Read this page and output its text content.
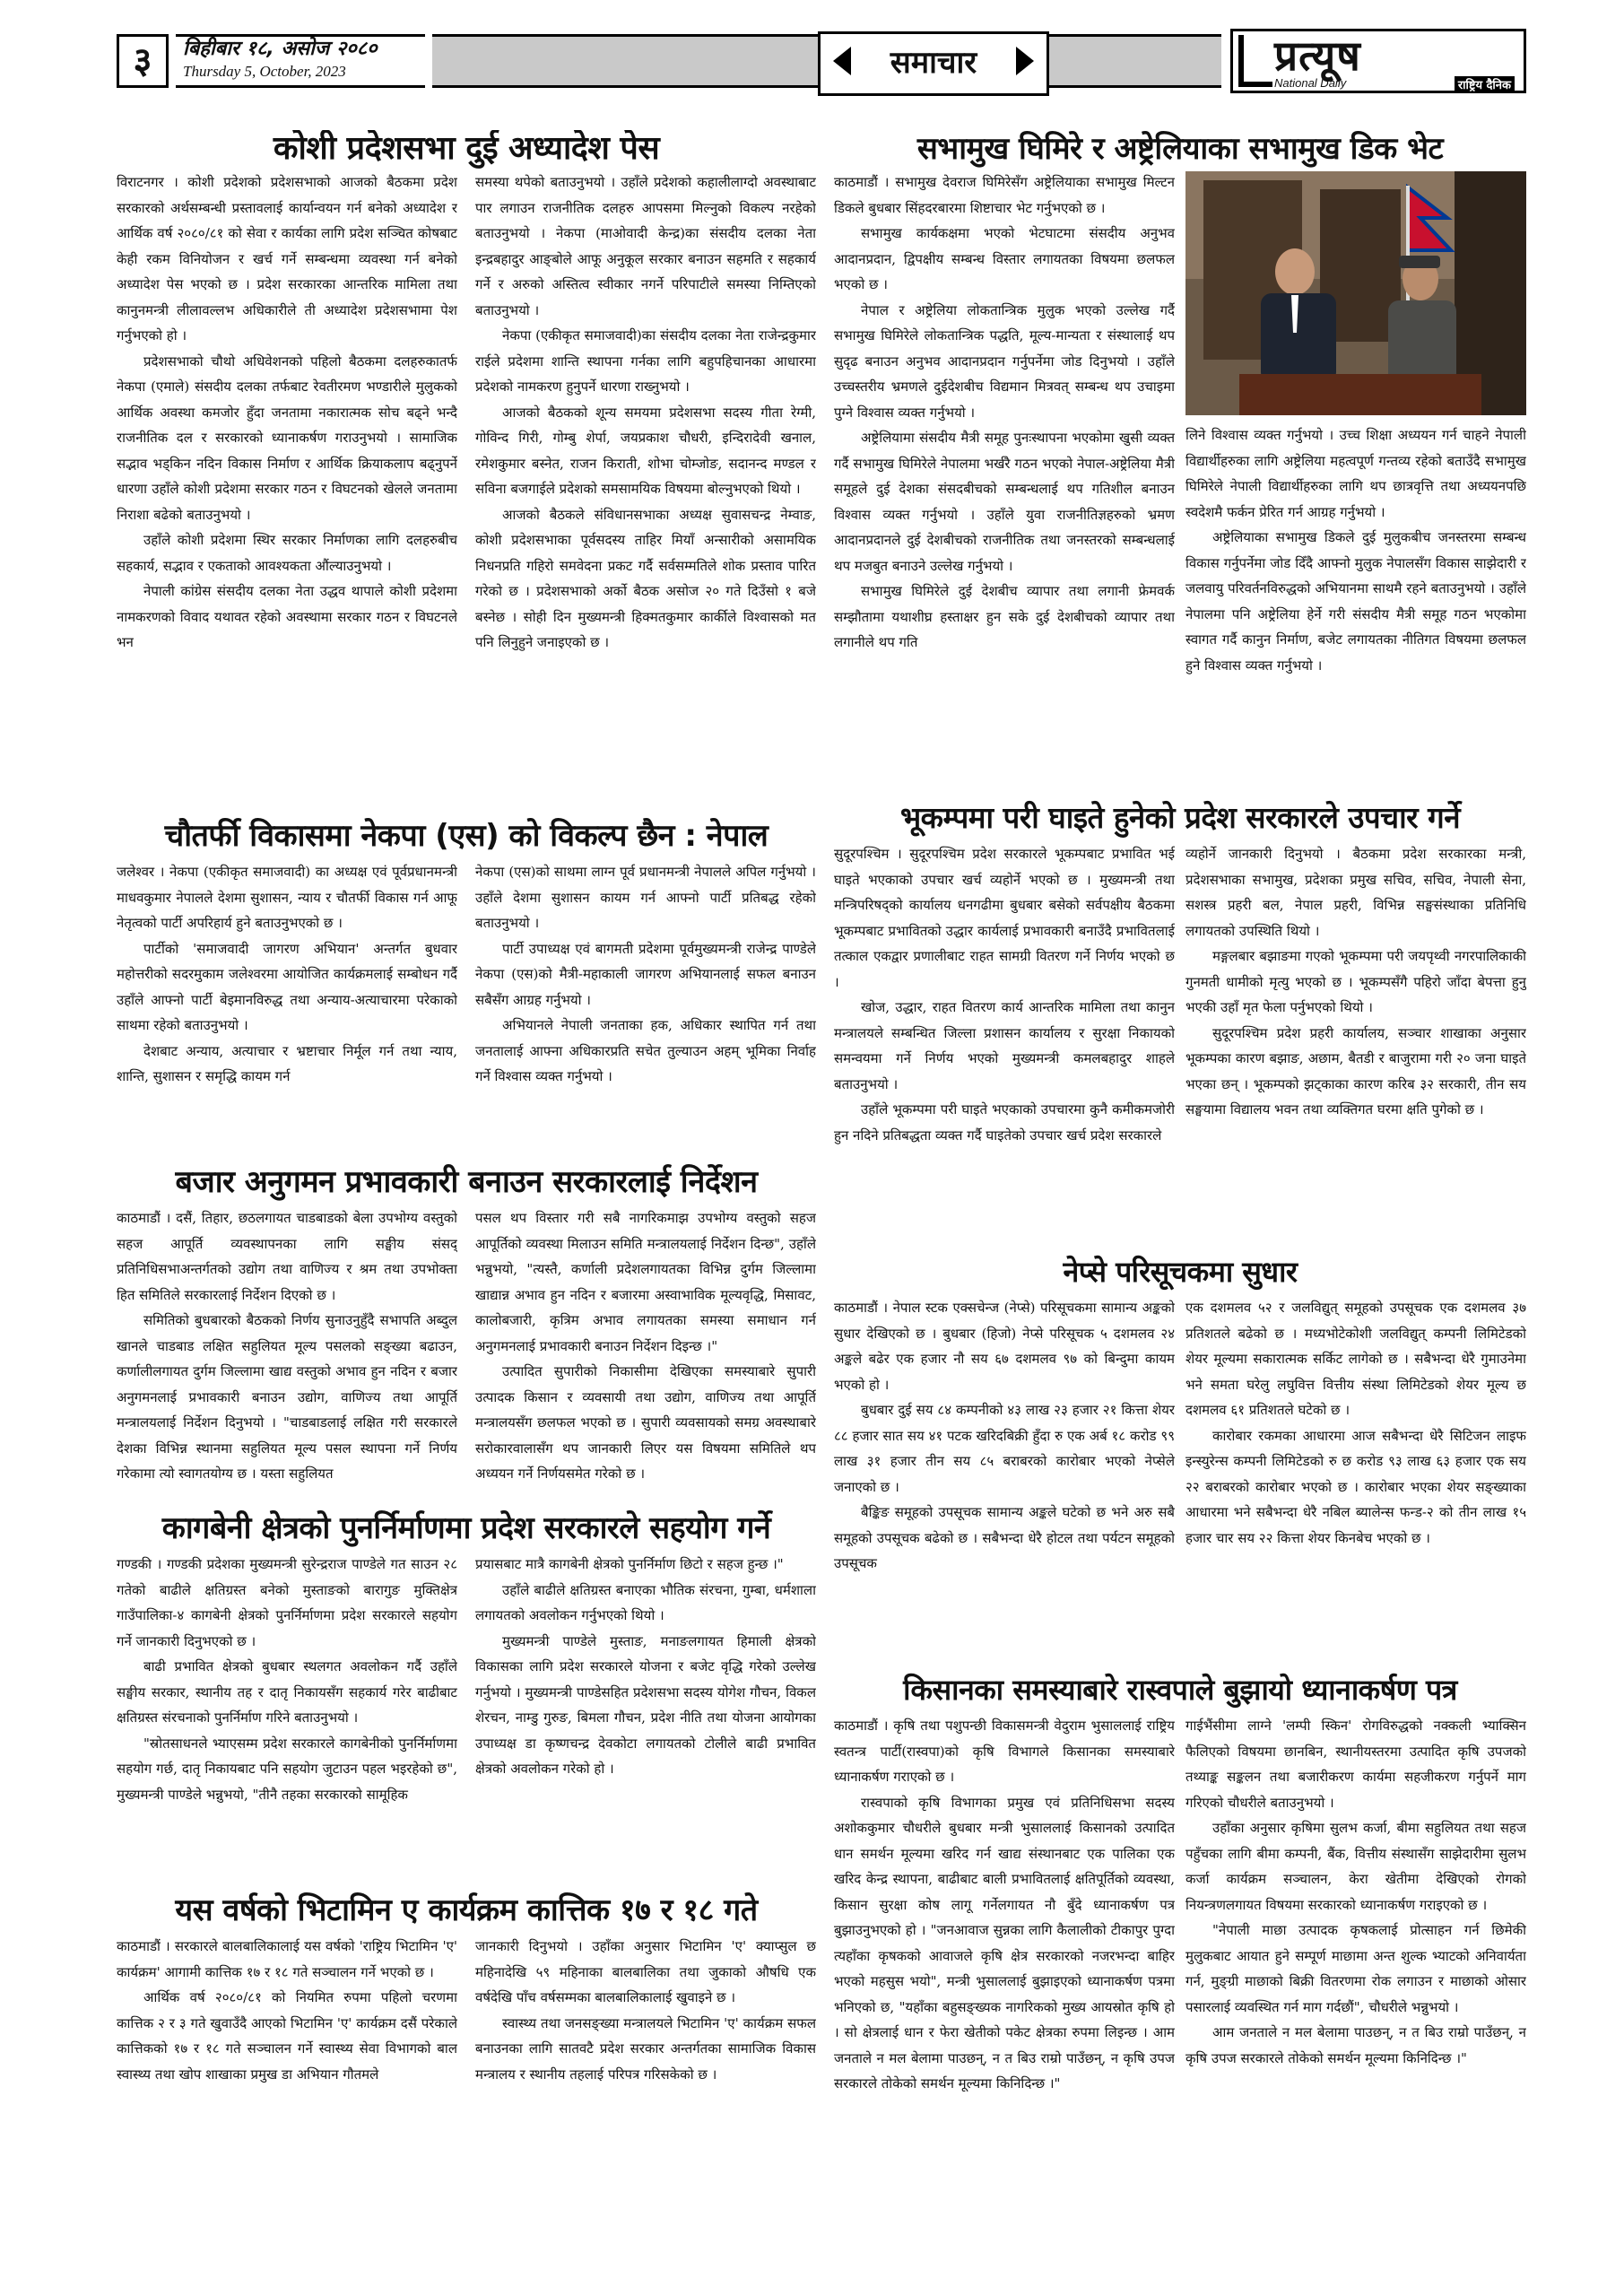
३	बिहीबार १८, असोज २०८०
Thursday 5, October, 2023	समाचार	प्रत्यूष
National Daily	राष्ट्रिय दैनिक
कोशी प्रदेशसभा दुई अध्यादेश पेस

विराटनगर । कोशी प्रदेशको प्रदेशसभाको आजको बैठकमा प्रदेश सरकारको अर्थसम्बन्धी प्रस्तावलाई कार्यान्वयन गर्न बनेको अध्यादेश र आर्थिक वर्ष २०८०/८१ को सेवा र कार्यका लागि प्रदेश सञ्चित कोषबाट केही रकम विनियोजन र खर्च गर्ने सम्बन्धमा व्यवस्था गर्न बनेको अध्यादेश पेस भएको छ । प्रदेश सरकारका आन्तरिक मामिला तथा कानुनमन्त्री लीलावल्लभ अधिकारीले ती अध्यादेश प्रदेशसभामा पेश गर्नुभएको हो ।

प्रदेशसभाको चौथो अधिवेशनको पहिलो बैठकमा दलहरुकातर्फ नेकपा (एमाले) संसदीय दलका तर्फबाट रेवतीरमण भण्डारीले मुलुकको आर्थिक अवस्था कमजोर हुँदा जनतामा नकारात्मक सोच बढ्ने भन्दै राजनीतिक दल र सरकारको ध्यानाकर्षण गराउनुभयो । सामाजिक सद्भाव भड्किन नदिन विकास निर्माण र आर्थिक क्रियाकलाप बढ्नुपर्ने धारणा उहाँले कोशी प्रदेशमा सरकार गठन र विघटनको खेलले जनतामा निराशा बढेको बताउनुभयो ।

उहाँले कोशी प्रदेशमा स्थिर सरकार निर्माणका लागि दलहरुबीच सहकार्य, सद्भाव र एकताको आवश्यकता औंल्याउनुभयो ।

नेपाली कांग्रेस संसदीय दलका नेता उद्धव थापाले कोशी प्रदेशमा नामकरणको विवाद यथावत रहेको अवस्थामा सरकार गठन र विघटनले भन

समस्या थपेको बताउनुभयो । उहाँले प्रदेशको कहालीलाग्दो अवस्थाबाट पार लगाउन राजनीतिक दलहरु आपसमा मिल्नुको विकल्प नरहेको बताउनुभयो । नेकपा (माओवादी केन्द्र)का संसदीय दलका नेता इन्द्रबहादुर आङ्बोले आफू अनुकूल सरकार बनाउन सहमति र सहकार्य गर्ने र अरुको अस्तित्व स्वीकार नगर्ने परिपाटीले समस्या निम्तिएको बताउनुभयो ।

नेकपा (एकीकृत समाजवादी)का संसदीय दलका नेता राजेन्द्रकुमार राईले प्रदेशमा शान्ति स्थापना गर्नका लागि बहुपहिचानका आधारमा प्रदेशको नामकरण हुनुपर्ने धारणा राख्नुभयो ।

आजको बैठकको शून्य समयमा प्रदेशसभा सदस्य गीता रेग्मी, गोविन्द गिरी, गोम्बु शेर्पा, जयप्रकाश चौधरी, इन्दिरादेवी खनाल, रमेशकुमार बस्नेत, राजन किराती, शोभा चोम्जोङ, सदानन्द मण्डल र सविना बजगाईले प्रदेशको समसामयिक विषयमा बोल्नुभएको थियो ।

आजको बैठकले संविधानसभाका अध्यक्ष सुवासचन्द्र नेम्वाङ, कोशी प्रदेशसभाका पूर्वसदस्य ताहिर मियाँ अन्सारीको असामयिक निधनप्रति गहिरो समवेदना प्रकट गर्दै सर्वसम्मतिले शोक प्रस्ताव पारित गरेको छ । प्रदेशसभाको अर्को बैठक असोज २० गते दिउँसो १ बजे बस्नेछ । सोही दिन मुख्यमन्त्री हिक्मतकुमार कार्कीले विश्वासको मत पनि लिनुहुने जनाइएको छ ।

चौतर्फी विकासमा नेकपा (एस) को विकल्प छैन : नेपाल

जलेश्वर । नेकपा (एकीकृत समाजवादी) का अध्यक्ष एवं पूर्वप्रधानमन्त्री माधवकुमार नेपालले देशमा सुशासन, न्याय र चौतर्फी विकास गर्न आफू नेतृत्वको पार्टी अपरिहार्य हुने बताउनुभएको छ ।

पार्टीको 'समाजवादी जागरण अभियान' अन्तर्गत बुधवार महोत्तरीको सदरमुकाम जलेश्वरमा आयोजित कार्यक्रमलाई सम्बोधन गर्दै उहाँले आफ्नो पार्टी बेइमानविरुद्ध तथा अन्याय-अत्याचारमा परेकाको साथमा रहेको बताउनुभयो ।

देशबाट अन्याय, अत्याचार र भ्रष्टाचार निर्मूल गर्न तथा न्याय, शान्ति, सुशासन र समृद्धि कायम गर्न

नेकपा (एस)को साथमा लाग्न पूर्व प्रधानमन्त्री नेपालले अपिल गर्नुभयो । उहाँले देशमा सुशासन कायम गर्न आफ्नो पार्टी प्रतिबद्ध रहेको बताउनुभयो ।

पार्टी उपाध्यक्ष एवं बागमती प्रदेशमा पूर्वमुख्यमन्त्री राजेन्द्र पाण्डेले नेकपा (एस)को मैत्री-महाकाली जागरण अभियानलाई सफल बनाउन सबैसँग आग्रह गर्नुभयो ।

अभियानले नेपाली जनताका हक, अधिकार स्थापित गर्न तथा जनतालाई आफ्ना अधिकारप्रति सचेत तुल्याउन अहम् भूमिका निर्वाह गर्ने विश्वास व्यक्त गर्नुभयो ।

बजार अनुगमन प्रभावकारी बनाउन सरकारलाई निर्देशन

काठमाडौं । दसैं, तिहार, छठलगायत चाडबाडको बेला उपभोग्य वस्तुको सहज आपूर्ति व्यवस्थापनका लागि सङ्घीय संसद् प्रतिनिधिसभाअन्तर्गतको उद्योग तथा वाणिज्य र श्रम तथा उपभोक्ता हित समितिले सरकारलाई निर्देशन दिएको छ ।

समितिको बुधबारको बैठकको निर्णय सुनाउनुहुँदै सभापति अब्दुल खानले चाडबाड लक्षित सहुलियत मूल्य पसलको सङ्ख्या बढाउन, कर्णालीलगायत दुर्गम जिल्लामा खाद्य वस्तुको अभाव हुन नदिन र बजार अनुगमनलाई प्रभावकारी बनाउन उद्योग, वाणिज्य तथा आपूर्ति मन्त्रालयलाई निर्देशन दिनुभयो । "चाडबाडलाई लक्षित गरी सरकारले देशका विभिन्न स्थानमा सहुलियत मूल्य पसल स्थापना गर्ने निर्णय गरेकामा त्यो स्वागतयोग्य छ । यस्ता सहुलियत

पसल थप विस्तार गरी सबै नागरिकमाझ उपभोग्य वस्तुको सहज आपूर्तिको व्यवस्था मिलाउन समिति मन्त्रालयलाई निर्देशन दिन्छ", उहाँले भन्नुभयो, "त्यस्तै, कर्णाली प्रदेशलगायतका विभिन्न दुर्गम जिल्लामा खाद्यान्न अभाव हुन नदिन र बजारमा अस्वाभाविक मूल्यवृद्धि, मिसावट, कालोबजारी, कृत्रिम अभाव लगायतका समस्या समाधान गर्न अनुगमनलाई प्रभावकारी बनाउन निर्देशन दिइन्छ ।"

उत्पादित सुपारीको निकासीमा देखिएका समस्याबारे सुपारी उत्पादक किसान र व्यवसायी तथा उद्योग, वाणिज्य तथा आपूर्ति मन्त्रालयसँग छलफल भएको छ । सुपारी व्यवसायको समग्र अवस्थाबारे सरोकारवालासँग थप जानकारी लिएर यस विषयमा समितिले थप अध्ययन गर्ने निर्णयसमेत गरेको छ ।

कागबेनी क्षेत्रको पुनर्निर्माणमा प्रदेश सरकारले सहयोग गर्ने

गण्डकी । गण्डकी प्रदेशका मुख्यमन्त्री सुरेन्द्रराज पाण्डेले गत साउन २८ गतेको बाढीले क्षतिग्रस्त बनेको मुस्ताङको बारागुङ मुक्तिक्षेत्र गाउँपालिका-४ कागबेनी क्षेत्रको पुनर्निर्माणमा प्रदेश सरकारले सहयोग गर्ने जानकारी दिनुभएको छ ।

बाढी प्रभावित क्षेत्रको बुधबार स्थलगत अवलोकन गर्दै उहाँले सङ्घीय सरकार, स्थानीय तह र दातृ निकायसँग सहकार्य गरेर बाढीबाट क्षतिग्रस्त संरचनाको पुनर्निर्माण गरिने बताउनुभयो ।

"स्रोतसाधनले भ्याएसम्म प्रदेश सरकारले कागबेनीको पुनर्निर्माणमा सहयोग गर्छ, दातृ निकायबाट पनि सहयोग जुटाउन पहल भइरहेको छ", मुख्यमन्त्री पाण्डेले भन्नुभयो, "तीनै तहका सरकारको सामूहिक

प्रयासबाट मात्रै कागबेनी क्षेत्रको पुनर्निर्माण छिटो र सहज हुन्छ ।"

उहाँले बाढीले क्षतिग्रस्त बनाएका भौतिक संरचना, गुम्बा, धर्मशाला लगायतको अवलोकन गर्नुभएको थियो ।

मुख्यमन्त्री पाण्डेले मुस्ताङ, मनाङलगायत हिमाली क्षेत्रको विकासका लागि प्रदेश सरकारले योजना र बजेट वृद्धि गरेको उल्लेख गर्नुभयो । मुख्यमन्त्री पाण्डेसहित प्रदेशसभा सदस्य योगेश गौचन, विकल शेरचन, नाम्डु गुरुङ, बिमला गौचन, प्रदेश नीति तथा योजना आयोगका उपाध्यक्ष डा कृष्णचन्द्र देवकोटा लगायतको टोलीले बाढी प्रभावित क्षेत्रको अवलोकन गरेको हो ।

यस वर्षको भिटामिन ए कार्यक्रम कात्तिक १७ र १८ गते

काठमाडौं । सरकारले बालबालिकालाई यस वर्षको 'राष्ट्रिय भिटामिन 'ए' कार्यक्रम' आगामी कात्तिक १७ र १८ गते सञ्चालन गर्ने भएको छ ।

आर्थिक वर्ष २०८०/८१ को नियमित रुपमा पहिलो चरणमा कात्तिक २ र ३ गते खुवाउँदै आएको भिटामिन 'ए' कार्यक्रम दसैं परेकाले कात्तिकको १७ र १८ गते सञ्चालन गर्ने स्वास्थ्य सेवा विभागको बाल स्वास्थ्य तथा खोप शाखाका प्रमुख डा अभियान गौतमले

जानकारी दिनुभयो । उहाँका अनुसार भिटामिन 'ए' क्याप्सुल छ महिनादेखि ५९ महिनाका बालबालिका तथा जुकाको औषधि एक वर्षदेखि पाँच वर्षसम्मका बालबालिकालाई खुवाइने छ ।

स्वास्थ्य तथा जनसङ्ख्या मन्त्रालयले भिटामिन 'ए' कार्यक्रम सफल बनाउनका लागि सातवटै प्रदेश सरकार अन्तर्गतका सामाजिक विकास मन्त्रालय र स्थानीय तहलाई परिपत्र गरिसकेको छ ।

सभामुख घिमिरे र अष्ट्रेलियाका सभामुख डिक भेट

काठमाडौं । सभामुख देवराज घिमिरेसँग अष्ट्रेलियाका सभामुख मिल्टन डिकले बुधबार सिंहदरबारमा शिष्टाचार भेट गर्नुभएको छ ।

सभामुख कार्यकक्षमा भएको भेटघाटमा संसदीय अनुभव आदानप्रदान, द्विपक्षीय सम्बन्ध विस्तार लगायतका विषयमा छलफल भएको छ ।

नेपाल र अष्ट्रेलिया लोकतान्त्रिक मुलुक भएको उल्लेख गर्दै सभामुख घिमिरेले लोकतान्त्रिक पद्धति, मूल्य-मान्यता र संस्थालाई थप सुदृढ बनाउन अनुभव आदानप्रदान गर्नुपर्नेमा जोड दिनुभयो । उहाँले उच्चस्तरीय भ्रमणले दुईदेशबीच विद्यमान मित्रवत् सम्बन्ध थप उचाइमा पुग्ने विश्वास व्यक्त गर्नुभयो ।

अष्ट्रेलियामा संसदीय मैत्री समूह पुनःस्थापना भएकोमा खुसी व्यक्त गर्दै सभामुख घिमिरेले नेपालमा भर्खरै गठन भएको नेपाल-अष्ट्रेलिया मैत्री समूहले दुई देशका संसदबीचको सम्बन्धलाई थप गतिशील बनाउन विश्वास व्यक्त गर्नुभयो । उहाँले युवा राजनीतिज्ञहरुको भ्रमण आदानप्रदानले दुई देशबीचको राजनीतिक तथा जनस्तरको सम्बन्धलाई थप मजबुत बनाउने उल्लेख गर्नुभयो ।

सभामुख घिमिरेले दुई देशबीच व्यापार तथा लगानी फ्रेमवर्क सम्झौतामा यथाशीघ्र हस्ताक्षर हुन सके दुई देशबीचको व्यापार तथा लगानीले थप गति

लिने विश्वास व्यक्त गर्नुभयो । उच्च शिक्षा अध्ययन गर्न चाहने नेपाली विद्यार्थीहरुका लागि अष्ट्रेलिया महत्वपूर्ण गन्तव्य रहेको बताउँदै सभामुख घिमिरेले नेपाली विद्यार्थीहरुका लागि थप छात्रवृत्ति तथा अध्ययनपछि स्वदेशमै फर्कन प्रेरित गर्न आग्रह गर्नुभयो ।

अष्ट्रेलियाका सभामुख डिकले दुई मुलुकबीच जनस्तरमा सम्बन्ध विकास गर्नुपर्नेमा जोड दिँदै आफ्नो मुलुक नेपालसँग विकास साझेदारी र जलवायु परिवर्तनविरुद्धको अभियानमा साथमै रहने बताउनुभयो । उहाँले नेपालमा पनि अष्ट्रेलिया हेर्ने गरी संसदीय मैत्री समूह गठन भएकोमा स्वागत गर्दै कानुन निर्माण, बजेट लगायतका नीतिगत विषयमा छलफल हुने विश्वास व्यक्त गर्नुभयो ।

भूकम्पमा परी घाइते हुनेको प्रदेश सरकारले उपचार गर्ने

सुदूरपश्चिम । सुदूरपश्चिम प्रदेश सरकारले भूकम्पबाट प्रभावित भई घाइते भएकाको उपचार खर्च व्यहोर्ने भएको छ । मुख्यमन्त्री तथा मन्त्रिपरिषद्को कार्यालय धनगढीमा बुधबार बसेको सर्वपक्षीय बैठकमा भूकम्पबाट प्रभावितको उद्धार कार्यलाई प्रभावकारी बनाउँदै प्रभावितलाई तत्काल एकद्वार प्रणालीबाट राहत सामग्री वितरण गर्ने निर्णय भएको छ ।

खोज, उद्धार, राहत वितरण कार्य आन्तरिक मामिला तथा कानुन मन्त्रालयले सम्बन्धित जिल्ला प्रशासन कार्यालय र सुरक्षा निकायको समन्वयमा गर्ने निर्णय भएको मुख्यमन्त्री कमलबहादुर शाहले बताउनुभयो ।

उहाँले भूकम्पमा परी घाइते भएकाको उपचारमा कुनै कमीकमजोरी हुन नदिने प्रतिबद्धता व्यक्त गर्दै घाइतेको उपचार खर्च प्रदेश सरकारले

व्यहोर्ने जानकारी दिनुभयो । बैठकमा प्रदेश सरकारका मन्त्री, प्रदेशसभाका सभामुख, प्रदेशका प्रमुख सचिव, सचिव, नेपाली सेना, सशस्त्र प्रहरी बल, नेपाल प्रहरी, विभिन्न सङ्घसंस्थाका प्रतिनिधि लगायतको उपस्थिति थियो ।

मङ्गलबार बझाङमा गएको भूकम्पमा परी जयपृथ्वी नगरपालिकाकी गुनमती धामीको मृत्यु भएको छ । भूकम्पसँगै पहिरो जाँदा बेपत्ता हुनु भएकी उहाँ मृत फेला पर्नुभएको थियो ।

सुदूरपश्चिम प्रदेश प्रहरी कार्यालय, सञ्चार शाखाका अनुसार भूकम्पका कारण बझाङ, अछाम, बैतडी र बाजुरामा गरी २० जना घाइते भएका छन् । भूकम्पको झट्काका कारण करिब ३२ सरकारी, तीन सय सङ्घयामा विद्यालय भवन तथा व्यक्तिगत घरमा क्षति पुगेको छ ।

नेप्से परिसूचकमा सुधार

काठमाडौं । नेपाल स्टक एक्सचेन्ज (नेप्से) परिसूचकमा सामान्य अङ्कको सुधार देखिएको छ । बुधबार (हिजो) नेप्से परिसूचक ५ दशमलव २४ अङ्कले बढेर एक हजार नौ सय ६७ दशमलव ९७ को बिन्दुमा कायम भएको हो ।

बुधबार दुई सय ८४ कम्पनीको ४३ लाख २३ हजार २१ कित्ता शेयर ८८ हजार सात सय ४१ पटक खरिदबिक्री हुँदा रु एक अर्ब १८ करोड ९९ लाख ३१ हजार तीन सय ८५ बराबरको कारोबार भएको नेप्सेले जनाएको छ ।

बैङ्किङ समूहको उपसूचक सामान्य अङ्कले घटेको छ भने अरु सबै समूहको उपसूचक बढेको छ । सबैभन्दा धेरै होटल तथा पर्यटन समूहको उपसूचक

एक दशमलव ५२ र जलविद्युत् समूहको उपसूचक एक दशमलव ३७ प्रतिशतले बढेको छ । मध्यभोटेकोशी जलविद्युत् कम्पनी लिमिटेडको शेयर मूल्यमा सकारात्मक सर्किट लागेको छ । सबैभन्दा धेरै गुमाउनेमा भने समता घरेलु लघुवित्त वित्तीय संस्था लिमिटेडको शेयर मूल्य छ दशमलव ६१ प्रतिशतले घटेको छ ।

कारोबार रकमका आधारमा आज सबैभन्दा धेरै सिटिजन लाइफ इन्स्युरेन्स कम्पनी लिमिटेडको रु छ करोड ९३ लाख ६३ हजार एक सय २२ बराबरको कारोबार भएको छ । कारोबार भएका शेयर सङ्ख्याका आधारमा भने सबैभन्दा धेरै नबिल ब्यालेन्स फन्ड-२ को तीन लाख १५ हजार चार सय २२ कित्ता शेयर किनबेच भएको छ ।

किसानका समस्याबारे रास्वपाले बुझायो ध्यानाकर्षण पत्र

काठमाडौं । कृषि तथा पशुपन्छी विकासमन्त्री वेदुराम भुसाललाई राष्ट्रिय स्वतन्त्र पार्टी(रास्वपा)को कृषि विभागले किसानका समस्याबारे ध्यानाकर्षण गराएको छ ।

रास्वपाको कृषि विभागका प्रमुख एवं प्रतिनिधिसभा सदस्य अशोककुमार चौधरीले बुधबार मन्त्री भुसाललाई किसानको उत्पादित धान समर्थन मूल्यमा खरिद गर्न खाद्य संस्थानबाट एक पालिका एक खरिद केन्द्र स्थापना, बाढीबाट बाली प्रभावितलाई क्षतिपूर्तिको व्यवस्था, किसान सुरक्षा कोष लागू गर्नेलगायत नौ बुँदे ध्यानाकर्षण पत्र बुझाउनुभएको हो । "जनआवाज सुन्नका लागि कैलालीको टीकापुर पुग्दा त्यहाँका कृषकको आवाजले कृषि क्षेत्र सरकारको नजरभन्दा बाहिर भएको महसुस भयो", मन्त्री भुसाललाई बुझाइएको ध्यानाकर्षण पत्रमा भनिएको छ, "यहाँका बहुसङ्ख्यक नागरिकको मुख्य आयस्रोत कृषि हो । सो क्षेत्रलाई धान र फेरा खेतीको पकेट क्षेत्रका रुपमा लिइन्छ । आम जनताले न मल बेलामा पाउछन्, न त बिउ राम्रो पाउँछन्, न कृषि उपज सरकारले तोकेको समर्थन मूल्यमा किनिदिन्छ ।"

गाईभैंसीमा लाग्ने 'लम्पी स्किन' रोगविरुद्धको नक्कली भ्याक्सिन फैलिएको विषयमा छानबिन, स्थानीयस्तरमा उत्पादित कृषि उपजको तथ्याङ्क सङ्कलन तथा बजारीकरण कार्यमा सहजीकरण गर्नुपर्ने माग गरिएको चौधरीले बताउनुभयो ।

उहाँका अनुसार कृषिमा सुलभ कर्जा, बीमा सहुलियत तथा सहज पहुँचका लागि बीमा कम्पनी, बैंक, वित्तीय संस्थासँग साझेदारीमा सुलभ कर्जा कार्यक्रम सञ्चालन, केरा खेतीमा देखिएको रोगको नियन्त्रणलगायत विषयमा सरकारको ध्यानाकर्षण गराइएको छ ।

"नेपाली माछा उत्पादक कृषकलाई प्रोत्साहन गर्न छिमेकी मुलुकबाट आयात हुने सम्पूर्ण माछामा अन्त शुल्क भ्याटको अनिवार्यता गर्न, मुङ्ग्री माछाको बिक्री वितरणमा रोक लगाउन र माछाको ओसार पसारलाई व्यवस्थित गर्न माग गर्दछौं", चौधरीले भन्नुभयो ।

आम जनताले न मल बेलामा पाउछन्, न त बिउ राम्रो पाउँछन्, न कृषि उपज सरकारले तोकेको समर्थन मूल्यमा किनिदिन्छ ।"
